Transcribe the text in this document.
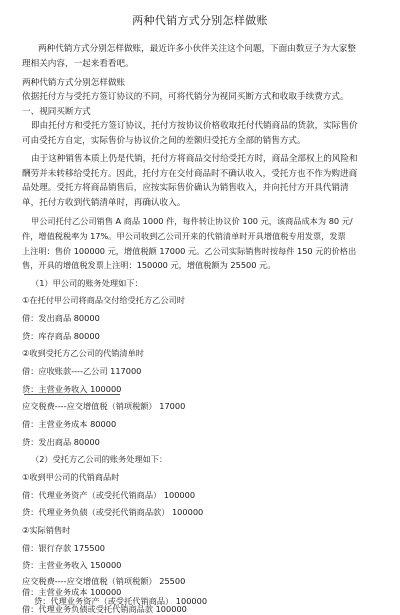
两种代销方式分别怎样做账
两种代销方式分别怎样做账，最近许多小伙伴关注这个问题，下面由数豆子为大家整
理相关内容，一起来看看吧。
两种代销方式分别怎样做账
依据托付方与受托方签订协议的不同，可将代销分为视同买断方式和收取手续费方式。
一、视同买断方式
即由托付方和受托方签订协议，托付方按协议价格收取托付代销商品的货款，实际售价
可由受托方自定，实际售价与协议价之间的差额归受托方全部的销售方式。
由于这种销售本质上仍是代销，托付方将商品交付给受托方时，商品全部权上的风险和
酬劳并未转移给受托方。因此，托付方在交付商品时不确认收入，受托方也不作为购进商
品处理。受托方将商品销售后，应按实际售价确认为销售收入，并向托付方开具代销清
单，托付方收到代销清单时，再确认收入。
甲公司托付乙公司销售 A 商品 1000 件，每件转让协议价 100 元，该商品成本为 80 元/
件，增值税税率为 17%。甲公司收到乙公司开来的代销清单时开具增值税专用发票，发票
上注明：售价 100000 元，增值税额 17000 元。乙公司实际销售时按每件 150 元的价格出
售，开具的增值税发票上注明：150000 元，增值税额为 25500 元。
（1）甲公司的账务处理如下：
①在托付甲公司将商品交付给受托方乙公司时
借：发出商品 80000
贷：库存商品 80000
②收到受托方乙公司的代销清单时
借：应收账款----乙公司 117000
贷：主营业务收入 100000
应交税费----应交增值税（销项税额） 17000
借：主营业务成本 80000
贷：发出商品 80000
（2）受托方乙公司的账务处理如下：
①收到甲公司的代销商品时
借：代理业务资产（或受托代销商品） 100000
贷：代理业务负债（或受托代销商品款） 100000
②实际销售时
借：银行存款 175500
贷：主营业务收入 150000
应交税费----应交增值税（销项税额） 25500
借：主营业务成本 100000
贷：代理业务资产（或受托代销商品） 100000
借：代理业务负债或受托代销商品款 100000
